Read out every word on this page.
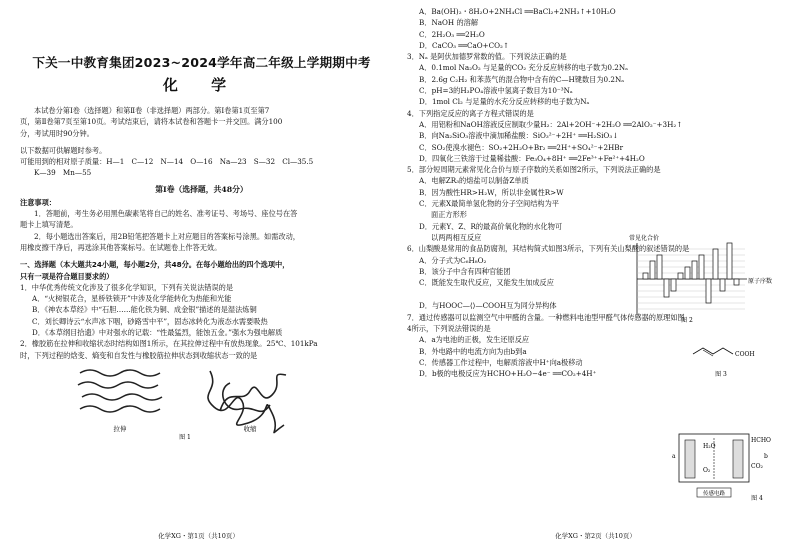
下关一中教育集团2023~2024学年高二年级上学期期中考
化 学

本试卷分第Ⅰ卷（选择题）和第Ⅱ卷（非选择题）两部分。第Ⅰ卷第1页至第7

页，第Ⅱ卷第7页至第10页。考试结束后，请将本试卷和答题卡一并交回。满分100

分，考试用时90分钟。

以下数据可供解题时参考。

可能用到的相对原子质量：H—1　C—12　N—14　O—16　Na—23　S—32　Cl—35.5

K—39　Mn—55

第Ⅰ卷（选择题，共48分）

注意事项：

1．答题前，考生务必用黑色碳素笔将自己的姓名、准考证号、考场号、座位号在答

题卡上填写清楚。

2．每小题选出答案后，用2B铅笔把答题卡上对应题目的答案标号涂黑。如需改动，

用橡皮擦干净后，再选涂其他答案标号。在试题卷上作答无效。

一、选择题（本大题共24小题，每小题2分，共48分。在每小题给出的四个选项中，

只有一项是符合题目要求的）

1．中华优秀传统文化涉及了很多化学知识，下列有关说法错误的是

A．“火树银花合，星桥铁锁开”中涉及化学能转化为热能和光能

B．《神农本草经》中“石胆……能化铁为铜、成金银”描述的是湿法炼铜

C．刘长卿诗云“水声冰下咽，砂路雪中平”，固态冰转化为液态水需要吸热

D．《本草纲目拾遗》中对强水的记载：“性最猛烈，能蚀五金。”强水为强电解质

2．橡胶筋在拉伸和收缩状态时结构如图1所示，在其拉伸过程中有放热现象。25℃、101kPa

时，下列过程的焓变、熵变和自发性与橡胶筋拉伸状态到收缩状态一致的是

拉伸	收缩
图 1
化学XG・第1页（共10页）

A．Ba(OH)₂・8H₂O+2NH₄Cl ══BaCl₂+2NH₃↑+10H₂O

B．NaOH 的溶解

C．2H₂O₃ ══2H₂O

D．CaCO₃ ══CaO+CO₂↑

3．Nₐ 是阿伏加德罗常数的值。下列说法正确的是

A．0.1mol Na₂O₂ 与足量的CO₂ 充分反应转移的电子数为0.2Nₐ

B．2.6g C₂H₂ 和苯蒸气的混合物中含有的C—H键数目为0.2Nₐ

C．pH=3的H₃PO₄溶液中氢离子数目为10⁻³Nₐ

D．1mol Cl₂ 与足量的水充分反应转移的电子数为Nₐ

4．下列指定反应的离子方程式错误的是

A．用铝粉和NaOH溶液反应制取少量H₂：2Al+2OH⁻+2H₂O ══2AlO₂⁻+3H₂↑

B．向Na₂SiO₃溶液中滴加稀盐酸：SiO₃²⁻+2H⁺ ══H₂SiO₃↓

C．SO₂使溴水褪色：SO₂+2H₂O+Br₂ ══2H⁺+SO₄²⁻+2HBr

D．四氧化三铁溶于过量稀盐酸：Fe₃O₄+8H⁺ ══2Fe³⁺+Fe²⁺+4H₂O

5．部分短周期元素常见化合价与原子序数的关系如图2所示，下列说法正确的是

A．电解ZR₃的熔盐可以制备Z单质

B．因为酸性HR>H₂W，所以非金属性R>W

C．元素X最简单氢化物的分子空间结构为平

面正方形形

D．元素Y、Z、R的最高价氧化物的水化物可

以两两相互反应

6．山梨酸是常用的食品防腐剂，其结构简式如图3所示，下列有关山梨酸的叙述错误的是

A．分子式为C₆H₈O₂

B．该分子中含有四种官能团

C．既能发生取代反应，又能发生加成反应

D．与HOOC—⟨⟩—COOH互为同分异构体

7．通过传感器可以监测空气中甲醛的含量。一种燃料电池型甲醛气体传感器的原理如图

4所示，下列说法错误的是

A．a为电池的正极，发生还原反应

B．外电路中的电流方向为由b到a

C．传感器工作过程中，电解质溶液中H⁺向a极移动

D．b极的电极反应为HCHO+H₂O−4e⁻ ══CO₂+4H⁺

化学XG・第2页（共10页）
常见化合价
原子序数
图 2
COOH
图 3
H₂O
O₂
HCHO
CO₂
a	b
传感电路
图 4
